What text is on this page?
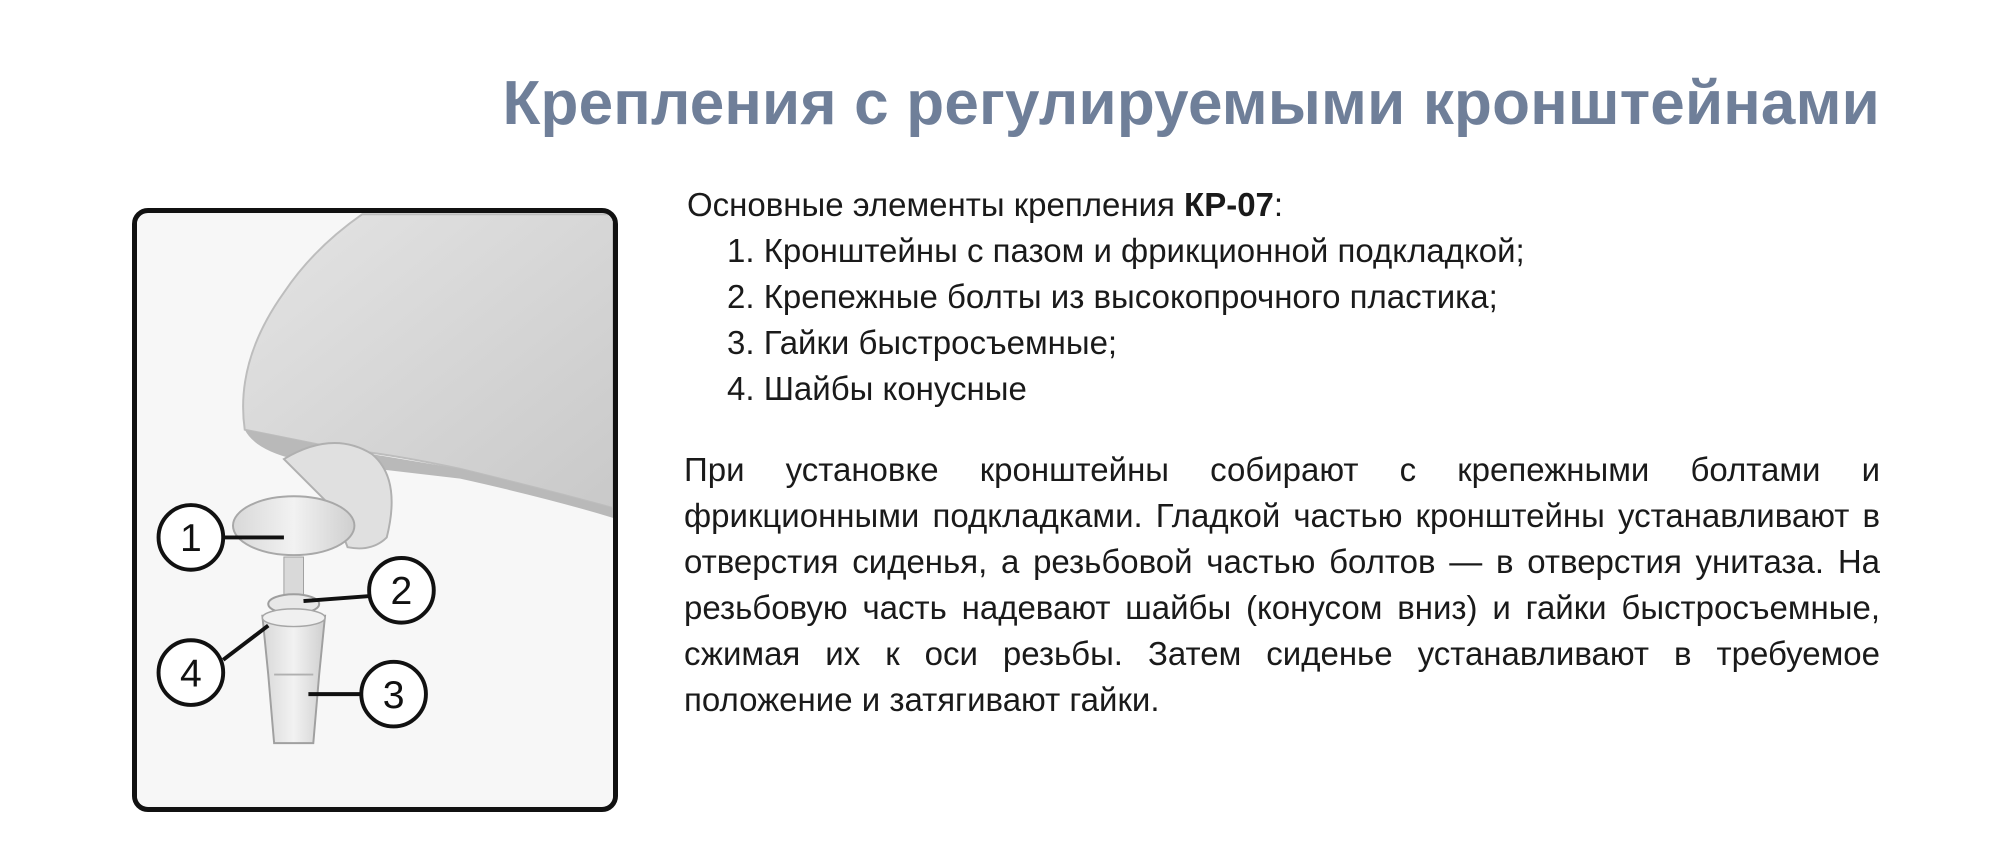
Крепления с регулируемыми кронштейнами
1
2
3
4
Основные элементы крепления КР-07:
1. Кронштейны с пазом и фрикционной подкладкой;
2. Крепежные болты из высокопрочного пластика;
3. Гайки быстросъемные;
4. Шайбы конусные
При установке кронштейны собирают с крепежными болтами и фрикционными подкладками. Гладкой частью кронштейны устанавливают в отверстия сиденья, а резьбовой частью болтов — в отверстия унитаза. На резьбовую часть надевают шайбы (конусом вниз) и гайки быстросъемные, сжимая их к оси резьбы. Затем сиденье устанавливают в требуемое положение и затягивают гайки.
